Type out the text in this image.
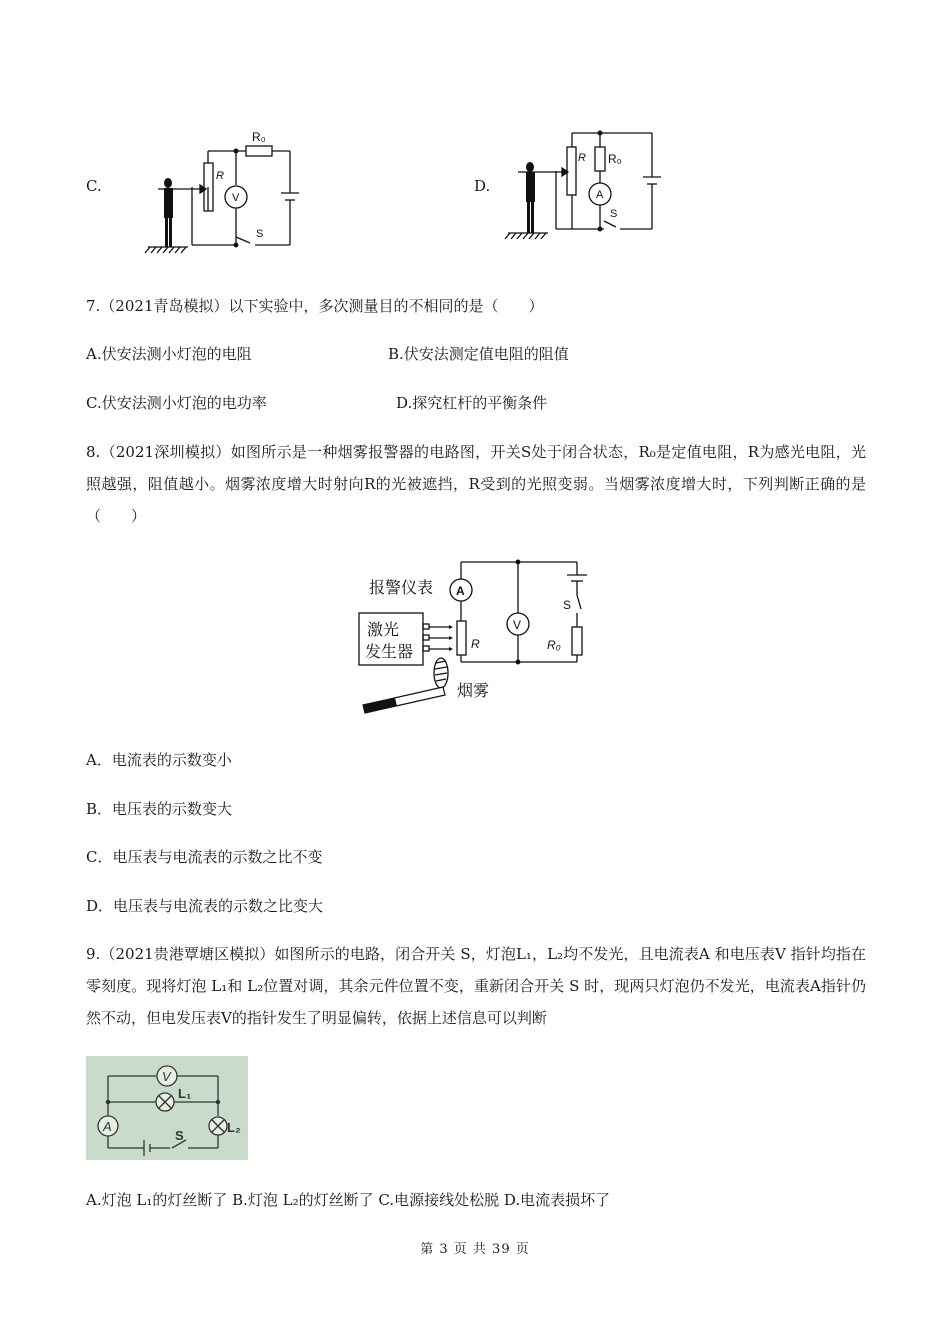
C.
R₀
R
V
S
D.
R₀
R
A
S
7.（2021青岛模拟）以下实验中，多次测量目的不相同的是（　　）
A.伏安法测小灯泡的电阻	B.伏安法测定值电阻的阻值
C.伏安法测小灯泡的电功率	D.探究杠杆的平衡条件
8.（2021深圳模拟）如图所示是一种烟雾报警器的电路图，开关S处于闭合状态，R₀是定值电阻，R为感光电阻，光照越强，阻值越小。烟雾浓度增大时射向R的光被遮挡，R受到的光照变弱。当烟雾浓度增大时，下列判断正确的是（　　）
报警仪表
激光
发生器
烟雾
A
V
R	R₀
S
A．电流表的示数变小
B．电压表的示数变大
C．电压表与电流表的示数之比不变
D．电压表与电流表的示数之比变大
9.（2021贵港覃塘区模拟）如图所示的电路，闭合开关 S，灯泡L₁，L₂均不发光，且电流表A 和电压表V 指针均指在零刻度。现将灯泡 L₁和 L₂位置对调，其余元件位置不变，重新闭合开关 S 时，现两只灯泡仍不发光，电流表A指针仍然不动，但电发压表V的指针发生了明显偏转，依据上述信息可以判断
V
A
L₁
L₂
S
A.灯泡 L₁的灯丝断了 B.灯泡 L₂的灯丝断了 C.电源接线处松脱 D.电流表损坏了
第 3 页 共 39 页
